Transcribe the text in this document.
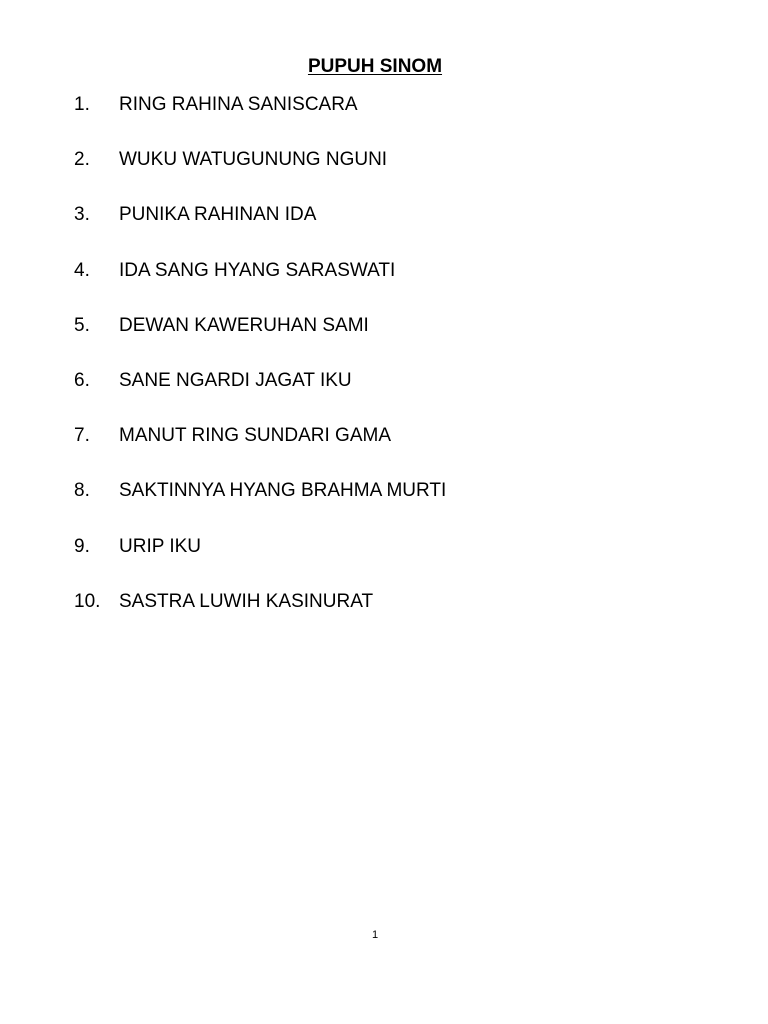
PUPUH SINOM
1. RING RAHINA SANISCARA
2. WUKU WATUGUNUNG NGUNI
3. PUNIKA RAHINAN IDA
4. IDA SANG HYANG SARASWATI
5. DEWAN KAWERUHAN SAMI
6. SANE NGARDI JAGAT IKU
7. MANUT RING SUNDARI GAMA
8. SAKTINNYA HYANG BRAHMA MURTI
9. URIP IKU
10. SASTRA LUWIH KASINURAT
1
